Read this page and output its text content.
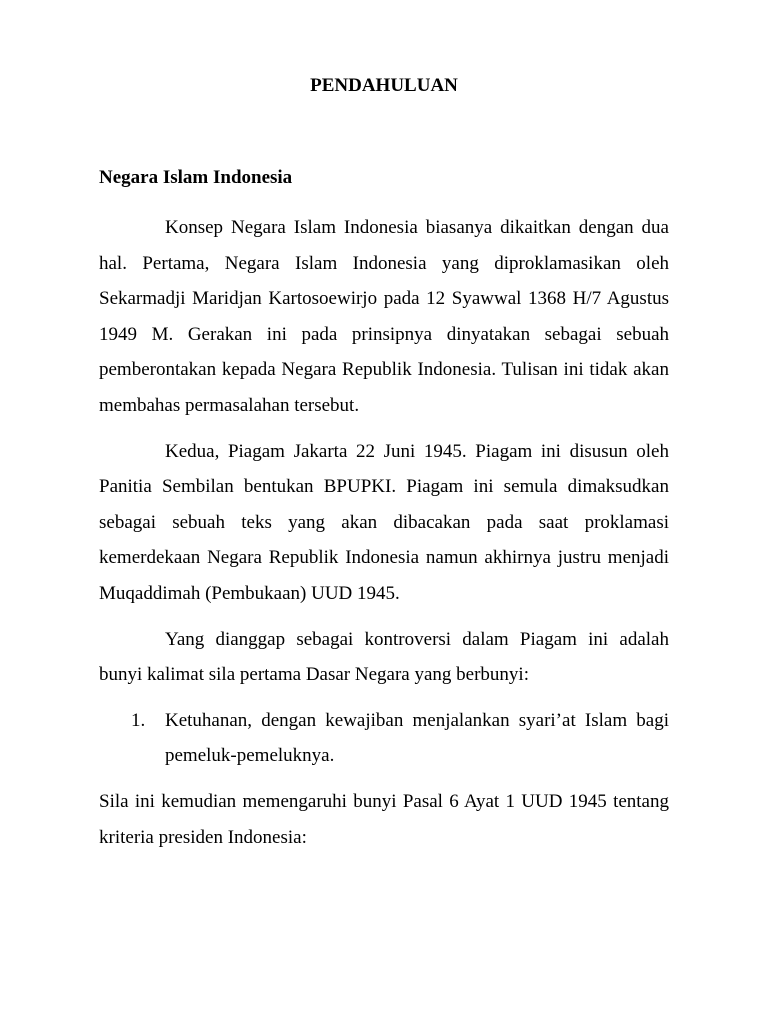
PENDAHULUAN
Negara Islam Indonesia

Konsep Negara Islam Indonesia biasanya dikaitkan dengan dua hal. Pertama, Negara Islam Indonesia yang diproklamasikan oleh Sekarmadji Maridjan Kartosoewirjo pada 12 Syawwal 1368 H/7 Agustus 1949 M. Gerakan ini pada prinsipnya dinyatakan sebagai sebuah pemberontakan kepada Negara Republik Indonesia. Tulisan ini tidak akan membahas permasalahan tersebut.

Kedua, Piagam Jakarta 22 Juni 1945. Piagam ini disusun oleh Panitia Sembilan bentukan BPUPKI. Piagam ini semula dimaksudkan sebagai sebuah teks yang akan dibacakan pada saat proklamasi kemerdekaan Negara Republik Indonesia namun akhirnya justru menjadi Muqaddimah (Pembukaan) UUD 1945.

Yang dianggap sebagai kontroversi dalam Piagam ini adalah bunyi kalimat sila pertama Dasar Negara yang berbunyi:

1. Ketuhanan, dengan kewajiban menjalankan syari’at Islam bagi pemeluk-pemeluknya.

Sila ini kemudian memengaruhi bunyi Pasal 6 Ayat 1 UUD 1945 tentang kriteria presiden Indonesia:
